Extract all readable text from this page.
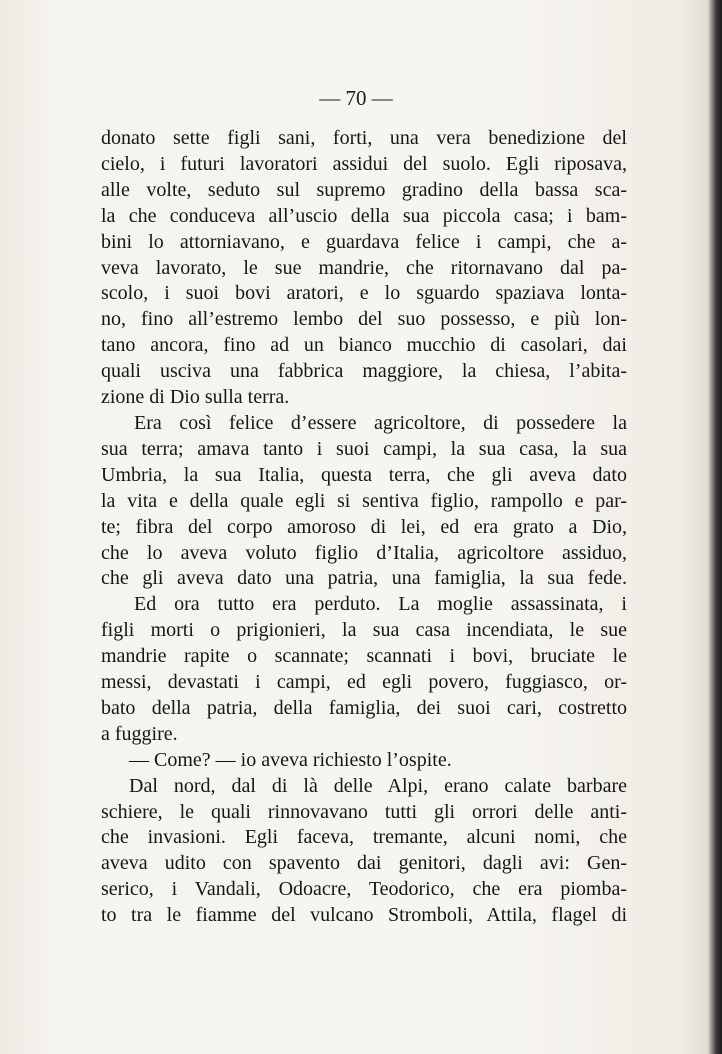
— 70 —
donato sette figli sani, forti, una vera benedizione del
cielo, i futuri lavoratori assidui del suolo. Egli riposava,
alle volte, seduto sul supremo gradino della bassa sca-
la che conduceva all’uscio della sua piccola casa; i bam-
bini lo attorniavano, e guardava felice i campi, che a-
veva lavorato, le sue mandrie, che ritornavano dal pa-
scolo, i suoi bovi aratori, e lo sguardo spaziava lonta-
no, fino all’estremo lembo del suo possesso, e più lon-
tano ancora, fino ad un bianco mucchio di casolari, dai
quali usciva una fabbrica maggiore, la chiesa, l’abita-
zione di Dio sulla terra.
Era così felice d’essere agricoltore, di possedere la
sua terra; amava tanto i suoi campi, la sua casa, la sua
Umbria, la sua Italia, questa terra, che gli aveva dato
la vita e della quale egli si sentiva figlio, rampollo e par-
te; fibra del corpo amoroso di lei, ed era grato a Dio,
che lo aveva voluto figlio d’Italia, agricoltore assiduo,
che gli aveva dato una patria, una famiglia, la sua fede.
Ed ora tutto era perduto. La moglie assassinata, i
figli morti o prigionieri, la sua casa incendiata, le sue
mandrie rapite o scannate; scannati i bovi, bruciate le
messi, devastati i campi, ed egli povero, fuggiasco, or-
bato della patria, della famiglia, dei suoi cari, costretto
a fuggire.
— Come? — io aveva richiesto l’ospite.
Dal nord, dal di là delle Alpi, erano calate barbare
schiere, le quali rinnovavano tutti gli orrori delle anti-
che invasioni. Egli faceva, tremante, alcuni nomi, che
aveva udito con spavento dai genitori, dagli avi: Gen-
serico, i Vandali, Odoacre, Teodorico, che era piomba-
to tra le fiamme del vulcano Stromboli, Attila, flagel di
